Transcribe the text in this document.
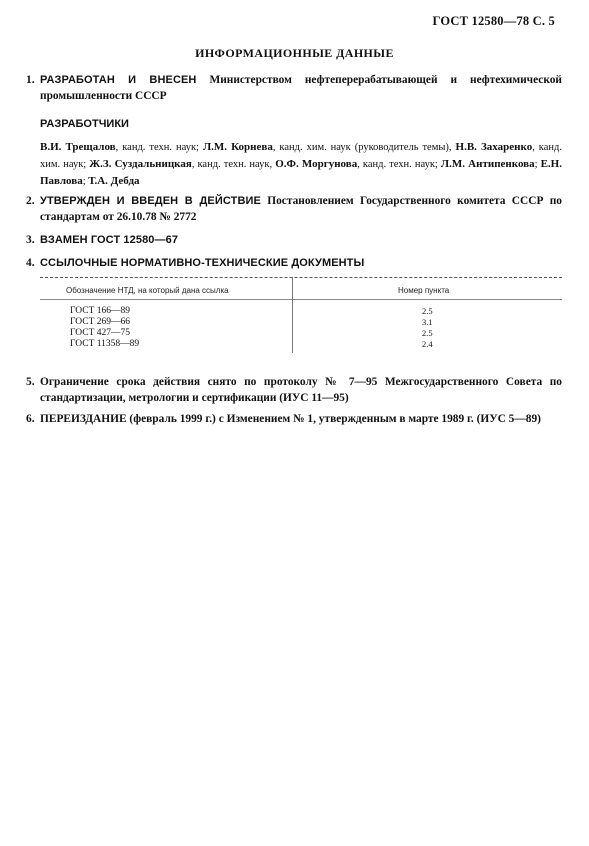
ГОСТ 12580—78 С. 5
ИНФОРМАЦИОННЫЕ ДАННЫЕ
1. РАЗРАБОТАН И ВНЕСЕН Министерством нефтеперерабатывающей и нефтехимической промышленности СССР
РАЗРАБОТЧИКИ
В.И. Трещалов, канд. техн. наук; Л.М. Корнева, канд. хим. наук (руководитель темы), Н.В. Захаренко, канд. хим. наук; Ж.З. Суздальницкая, канд. техн. наук, О.Ф. Моргунова, канд. техн. наук; Л.М. Антипенкова; Е.Н. Павлова; Т.А. Дебда
2. УТВЕРЖДЕН И ВВЕДЕН В ДЕЙСТВИЕ Постановлением Государственного комитета СССР по стандартам от 26.10.78 № 2772
3. ВЗАМЕН ГОСТ 12580—67
4. ССЫЛОЧНЫЕ НОРМАТИВНО-ТЕХНИЧЕСКИЕ ДОКУМЕНТЫ
Обозначение НТД, на который дана ссылка	Номер пункта
ГОСТ 166—89	2.5
ГОСТ 269—66	3.1
ГОСТ 427—75	2.5
ГОСТ 11358—89	2.4
5. Ограничение срока действия снято по протоколу № 7—95 Межгосударственного Совета по стандартизации, метрологии и сертификации (ИУС 11—95)
6. ПЕРЕИЗДАНИЕ (февраль 1999 г.) с Изменением № 1, утвержденным в марте 1989 г. (ИУС 5—89)
